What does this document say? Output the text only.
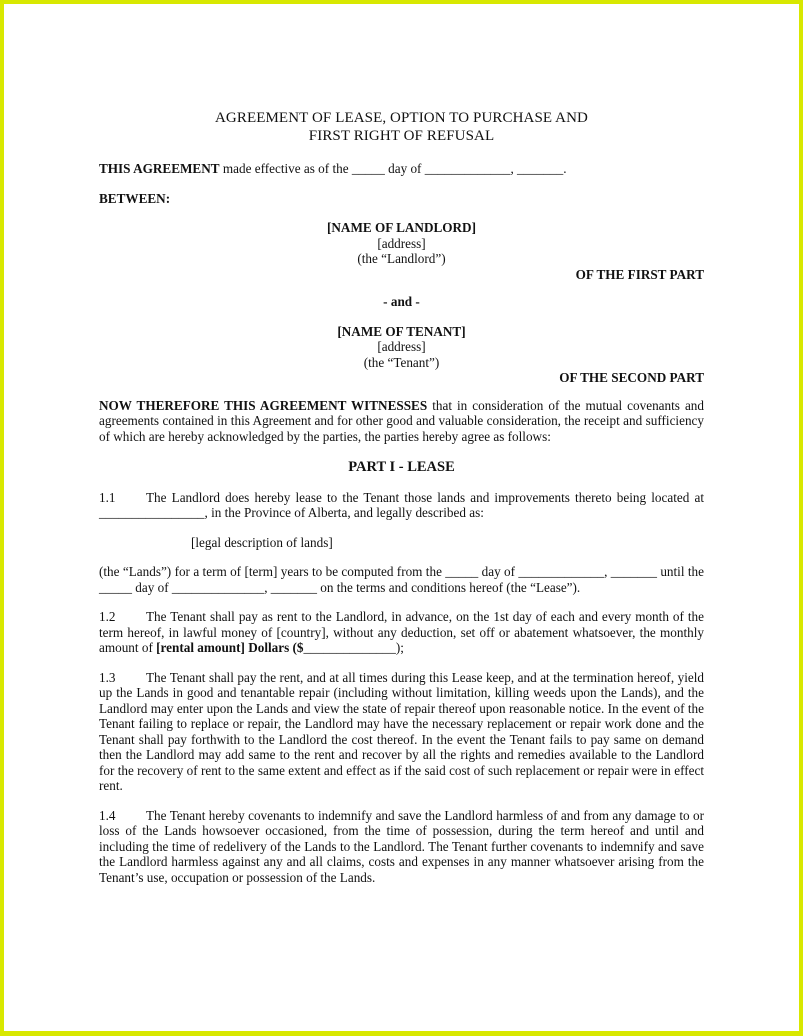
AGREEMENT OF LEASE, OPTION TO PURCHASE AND
FIRST RIGHT OF REFUSAL

THIS AGREEMENT made effective as of the _____ day of _____________, _______.

BETWEEN:

[NAME OF LANDLORD]
[address]
(the “Landlord”)
OF THE FIRST PART
- and -
[NAME OF TENANT]
[address]
(the “Tenant”)
OF THE SECOND PART

NOW THEREFORE THIS AGREEMENT WITNESSES that in consideration of the mutual covenants and agreements contained in this Agreement and for other good and valuable consideration, the receipt and sufficiency of which are hereby acknowledged by the parties, the parties hereby agree as follows:

PART I - LEASE

1.1 The Landlord does hereby lease to the Tenant those lands and improvements thereto being located at ________________, in the Province of Alberta, and legally described as:

[legal description of lands]

(the “Lands”) for a term of [term] years to be computed from the _____ day of _____________, _______ until the _____ day of ______________, _______ on the terms and conditions hereof (the “Lease”).

1.2 The Tenant shall pay as rent to the Landlord, in advance, on the 1st day of each and every month of the term hereof, in lawful money of [country], without any deduction, set off or abatement whatsoever, the monthly amount of [rental amount] Dollars ($______________);

1.3 The Tenant shall pay the rent, and at all times during this Lease keep, and at the termination hereof, yield up the Lands in good and tenantable repair (including without limitation, killing weeds upon the Lands), and the Landlord may enter upon the Lands and view the state of repair thereof upon reasonable notice. In the event of the Tenant failing to replace or repair, the Landlord may have the necessary replacement or repair work done and the Tenant shall pay forthwith to the Landlord the cost thereof. In the event the Tenant fails to pay same on demand then the Landlord may add same to the rent and recover by all the rights and remedies available to the Landlord for the recovery of rent to the same extent and effect as if the said cost of such replacement or repair were in effect rent.

1.4 The Tenant hereby covenants to indemnify and save the Landlord harmless of and from any damage to or loss of the Lands howsoever occasioned, from the time of possession, during the term hereof and until and including the time of redelivery of the Lands to the Landlord. The Tenant further covenants to indemnify and save the Landlord harmless against any and all claims, costs and expenses in any manner whatsoever arising from the Tenant’s use, occupation or possession of the Lands.
